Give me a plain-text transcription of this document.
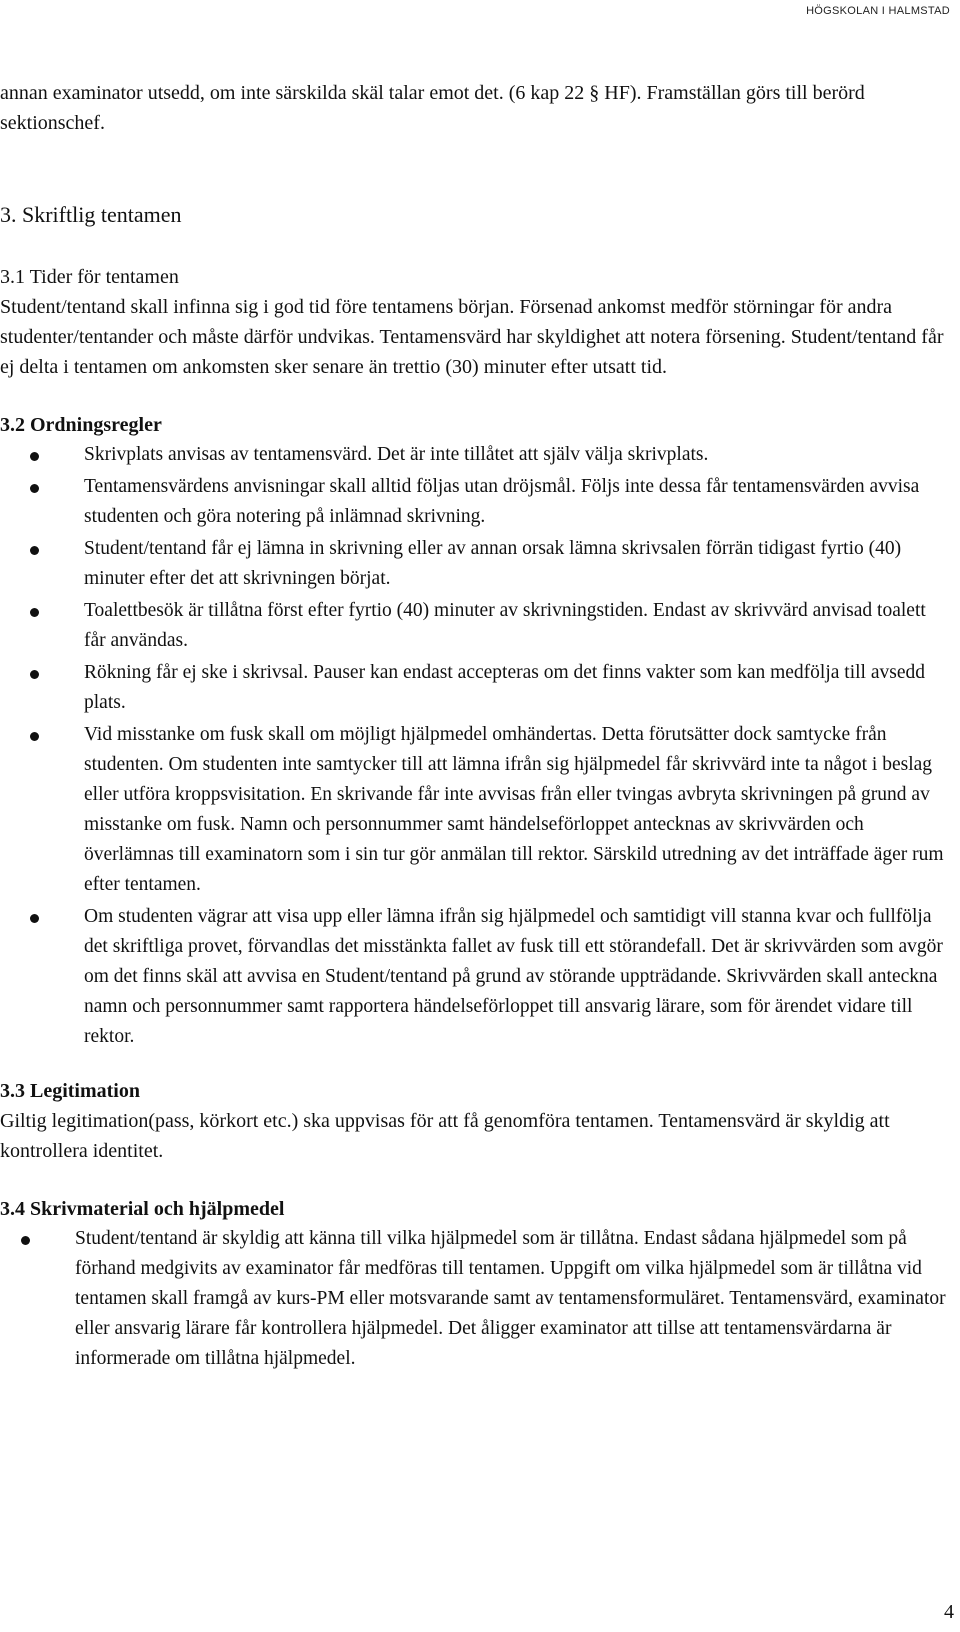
HÖGSKOLAN I HALMSTAD

annan examinator utsedd, om inte särskilda skäl talar emot det. (6 kap 22 § HF). Framställan görs till berörd sektionschef.

3. Skriftlig tentamen
3.1 Tider för tentamen

Student/tentand skall infinna sig i god tid före tentamens början. Försenad ankomst medför störningar för andra studenter/tentander och måste därför undvikas. Tentamensvärd har skyldighet att notera försening. Student/tentand får ej delta i tentamen om ankomsten sker senare än trettio (30) minuter efter utsatt tid.

3.2 Ordningsregler
Skrivplats anvisas av tentamensvärd. Det är inte tillåtet att själv välja skrivplats.
Tentamensvärdens anvisningar skall alltid följas utan dröjsmål. Följs inte dessa får tentamensvärden avvisa studenten och göra notering på inlämnad skrivning.
Student/tentand får ej lämna in skrivning eller av annan orsak lämna skrivsalen förrän tidigast fyrtio (40) minuter efter det att skrivningen börjat.
Toalettbesök är tillåtna först efter fyrtio (40) minuter av skrivningstiden. Endast av skrivvärd anvisad toalett får användas.
Rökning får ej ske i skrivsal. Pauser kan endast accepteras om det finns vakter som kan medfölja till avsedd plats.
Vid misstanke om fusk skall om möjligt hjälpmedel omhändertas. Detta förutsätter dock samtycke från studenten. Om studenten inte samtycker till att lämna ifrån sig hjälpmedel får skrivvärd inte ta något i beslag eller utföra kroppsvisitation. En skrivande får inte avvisas från eller tvingas avbryta skrivningen på grund av misstanke om fusk. Namn och personnummer samt händelseförloppet antecknas av skrivvärden och överlämnas till examinatorn som i sin tur gör anmälan till rektor. Särskild utredning av det inträffade äger rum efter tentamen.
Om studenten vägrar att visa upp eller lämna ifrån sig hjälpmedel och samtidigt vill stanna kvar och fullfölja det skriftliga provet, förvandlas det misstänkta fallet av fusk till ett störandefall. Det är skrivvärden som avgör om det finns skäl att avvisa en Student/tentand på grund av störande uppträdande. Skrivvärden skall anteckna namn och personnummer samt rapportera händelseförloppet till ansvarig lärare, som för ärendet vidare till rektor.
3.3 Legitimation

Giltig legitimation(pass, körkort etc.) ska uppvisas för att få genomföra tentamen. Tentamensvärd är skyldig att kontrollera identitet.

3.4 Skrivmaterial och hjälpmedel
Student/tentand är skyldig att känna till vilka hjälpmedel som är tillåtna. Endast sådana hjälpmedel som på förhand medgivits av examinator får medföras till tentamen. Uppgift om vilka hjälpmedel som är tillåtna vid tentamen skall framgå av kurs-PM eller motsvarande samt av tentamensformuläret. Tentamensvärd, examinator eller ansvarig lärare får kontrollera hjälpmedel. Det åligger examinator att tillse att tentamensvärdarna är informerade om tillåtna hjälpmedel.
4
